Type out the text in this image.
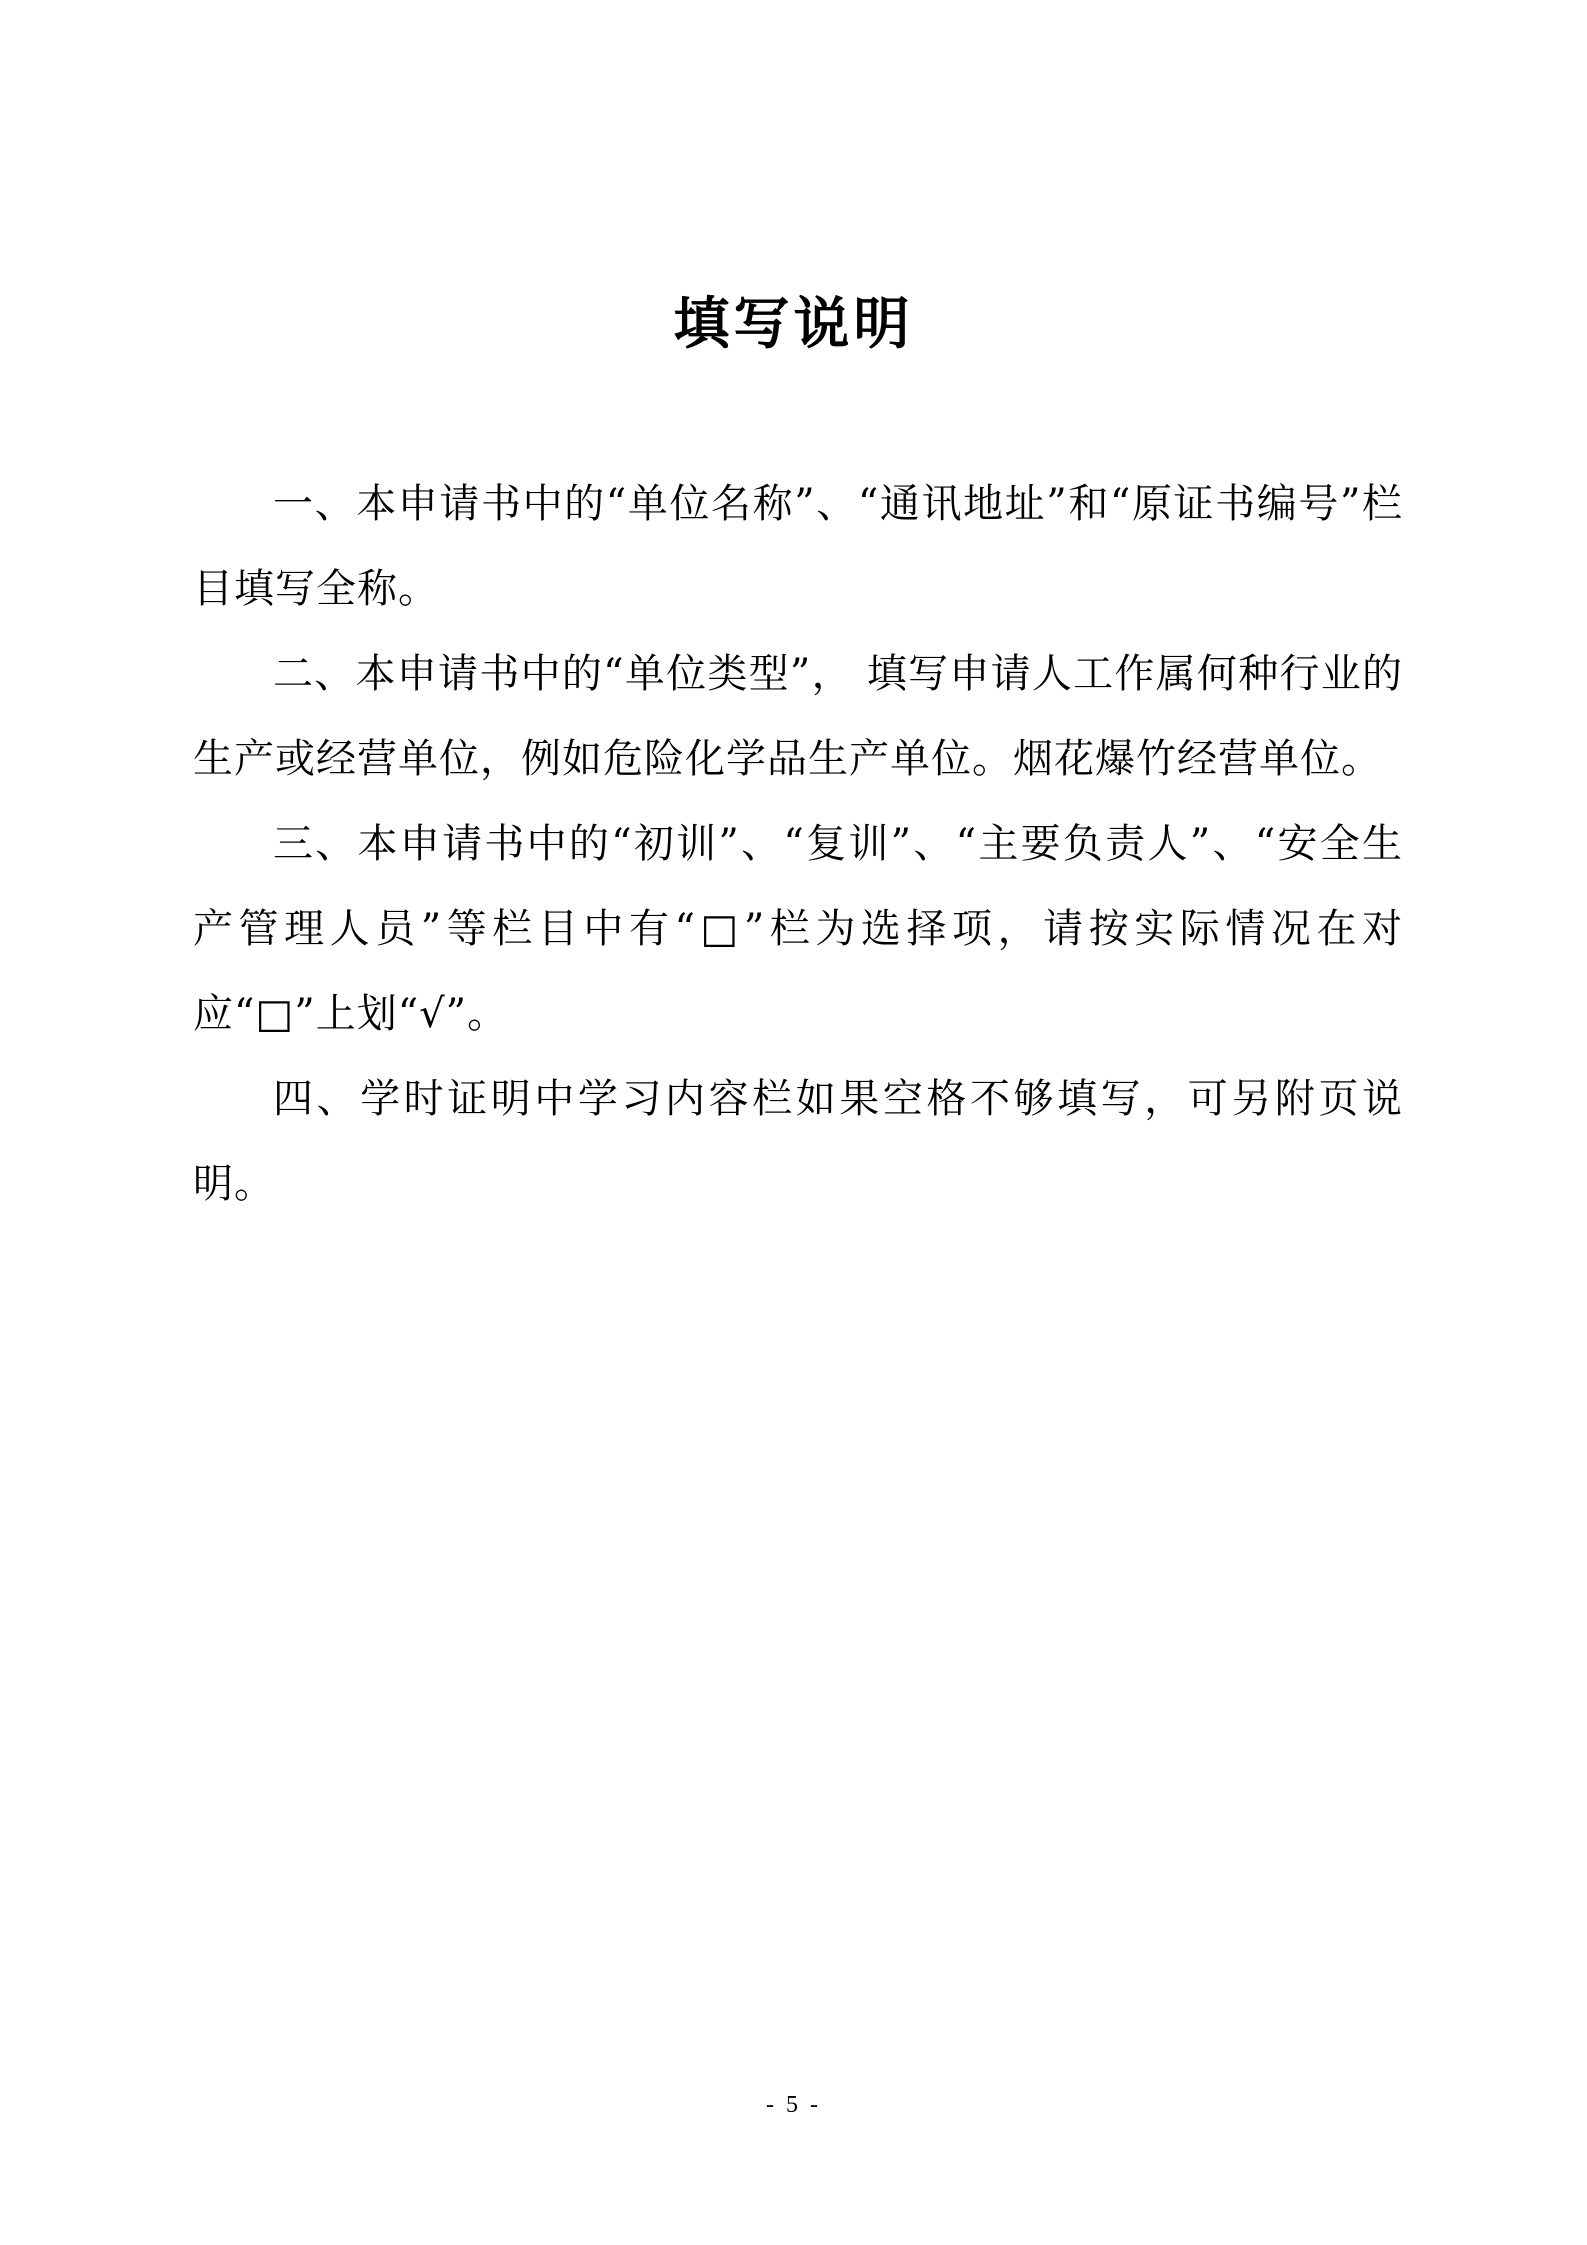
填写说明

一、本申请书中的“单位名称”、“通讯地址”和“原证书编号”栏目填写全称。

二、本申请书中的“单位类型”， 填写申请人工作属何种行业的生产或经营单位，例如危险化学品生产单位。烟花爆竹经营单位。

三、本申请书中的“初训”、“复训”、“主要负责人”、“安全生产管理人员”等栏目中有“□”栏为选择项，请按实际情况在对应“□”上划“√”。

四、学时证明中学习内容栏如果空格不够填写，可另附页说明。

- 5 -
